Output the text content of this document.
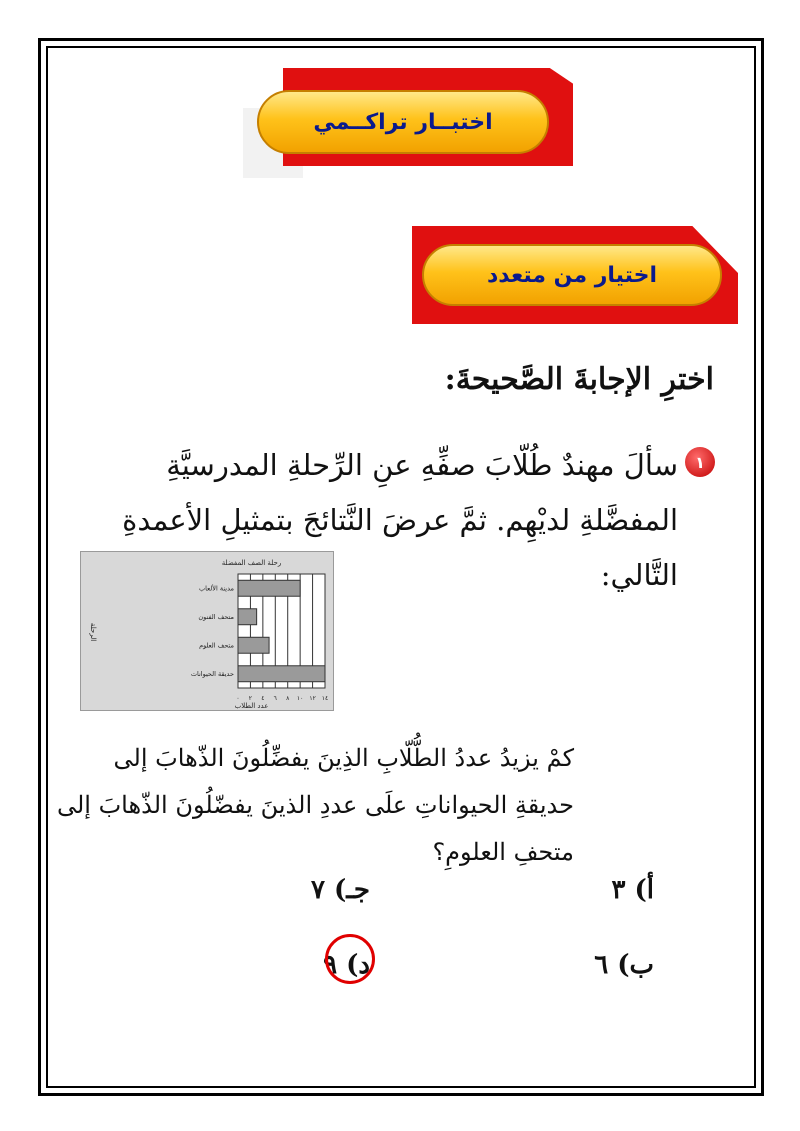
اختبــار تراكــمي
اختيار من متعدد
اخترِ الإجابةَ الصَّحيحةَ:
١
سألَ مهندٌ طُلّابَ صفِّهِ عنِ الرِّحلةِ المدرسيَّةِ المفضَّلةِ لديْهِم. ثمَّ عرضَ النَّتائجَ بتمثيلِ الأعمدةِ التَّالي:
٠ ٢ ٤ ٦ ٨ ١٠ ١٢ ١٤
مدينة الألعاب
متحف الفنون
متحف العلوم
حديقة الحيوانات
رحلة الصف المفضلة
عدد الطلاب
الرحلة
كمْ يزيدُ عددُ الطُّلّابِ الذِينَ يفضِّلُونَ الذّهابَ إلى حديقةِ الحيواناتِ علَى عددِ الذينَ يفضّلُونَ الذّهابَ إلى متحفِ العلومِ؟
أ) ٣
جـ) ٧
ب) ٦
د) ٩
